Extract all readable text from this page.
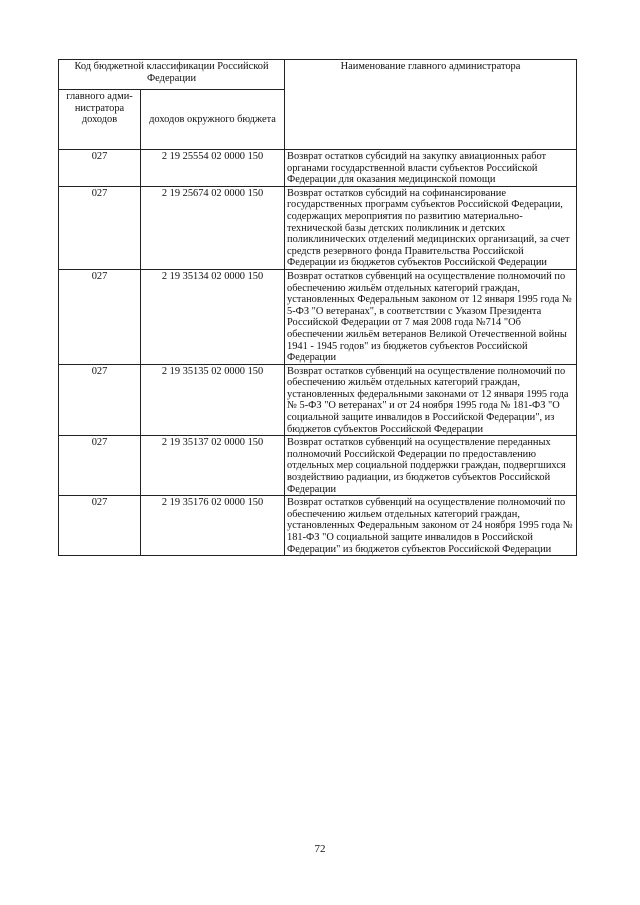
Код бюджетной классификации Российской Федерации		Наименование главного администратора
главного адми-нистратора доходов	доходов окружного бюджета	
027	2 19 25554 02 0000 150	Возврат остатков субсидий на закупку авиационных работ органами государственной власти субъектов Российской Федерации для оказания медицинской помощи
027	2 19 25674 02 0000 150	Возврат остатков субсидий на софинансирование государственных программ субъектов Российской Федерации, содержащих мероприятия по развитию материально-технической базы детских поликлиник и детских поликлинических отделений медицинских организаций, за счет средств резервного фонда Правительства Российской Федерации из бюджетов субъектов Российской Федерации
027	2 19 35134 02 0000 150	Возврат остатков субвенций на осуществление полномочий по обеспечению жильём отдельных категорий граждан, установленных Федеральным законом от 12 января 1995 года № 5-ФЗ "О ветеранах", в соответствии с Указом Президента Российской Федерации от 7 мая 2008 года №714 "Об обеспечении жильём ветеранов Великой Отечественной войны 1941 - 1945 годов" из бюджетов субъектов Российской Федерации
027	2 19 35135 02 0000 150	Возврат остатков субвенций на осуществление полномочий по обеспечению жильём отдельных категорий граждан, установленных федеральными законами от 12 января 1995 года № 5-ФЗ "О ветеранах" и от 24 ноября 1995 года № 181-ФЗ "О социальной защите инвалидов в Российской Федерации", из бюджетов субъектов Российской Федерации
027	2 19 35137 02 0000 150	Возврат остатков субвенций на осуществление переданных полномочий Российской Федерации по предоставлению отдельных мер социальной поддержки граждан, подвергшихся воздействию радиации, из бюджетов субъектов Российской Федерации
027	2 19 35176 02 0000 150	Возврат остатков субвенций на осуществление полномочий по обеспечению жильем отдельных категорий граждан, установленных Федеральным законом от 24 ноября 1995 года № 181-ФЗ "О социальной защите инвалидов в Российской Федерации" из бюджетов субъектов Российской Федерации
72
